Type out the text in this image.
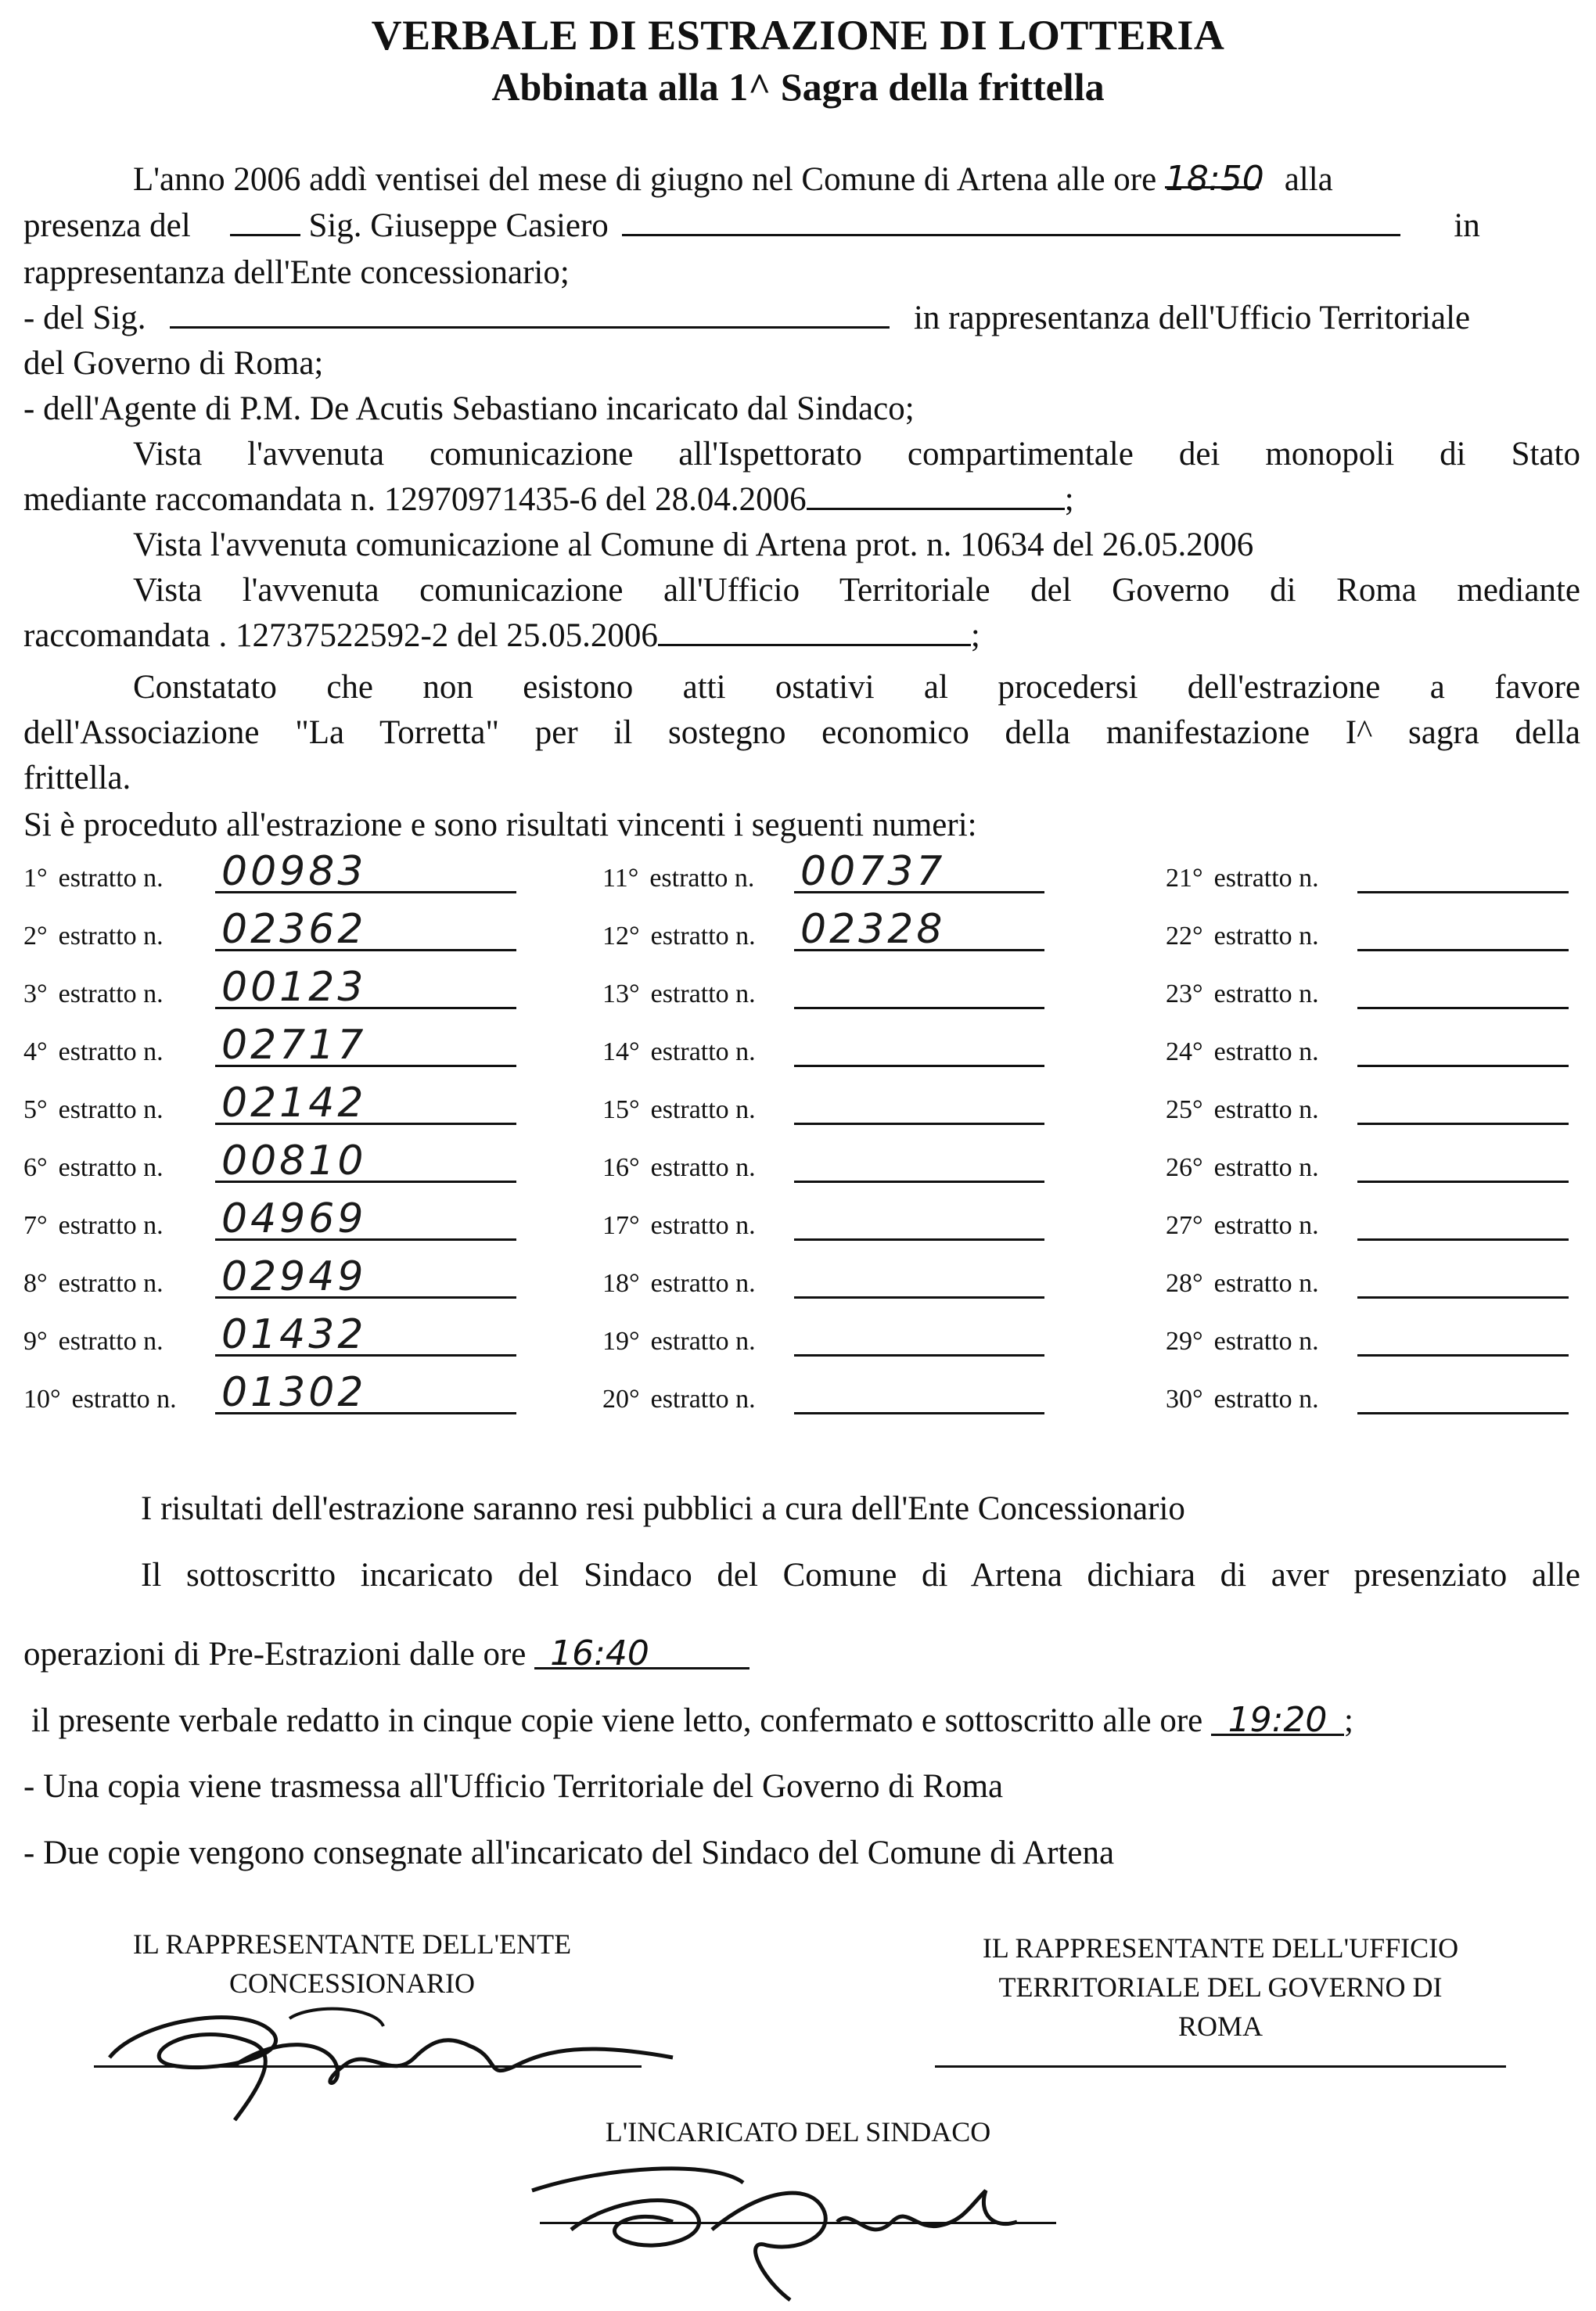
VERBALE DI ESTRAZIONE DI LOTTERIA
Abbinata alla 1^ Sagra della frittella
L'anno 2006 addì ventisei del mese di giugno nel Comune di Artena alle ore 18:50 alla
presenza del	Sig. Giuseppe Casiero	in
rappresentanza dell'Ente concessionario;
- del Sig.	in rappresentanza dell'Ufficio Territoriale
del Governo di Roma;
- dell'Agente di P.M. De Acutis Sebastiano incaricato dal Sindaco;
Vista l'avvenuta comunicazione all'Ispettorato compartimentale dei monopoli di Stato
mediante raccomandata n. 12970971435-6 del 28.04.2006	;
Vista l'avvenuta comunicazione al Comune di Artena prot. n. 10634 del 26.05.2006
Vista l'avvenuta comunicazione all'Ufficio Territoriale del Governo di Roma mediante
raccomandata . 12737522592-2 del 25.05.2006	;
Constatato che non esistono atti ostativi al procedersi dell'estrazione a favore
dell'Associazione "La Torretta" per il sostegno economico della manifestazione I^ sagra della
frittella.
Si è proceduto all'estrazione e sono risultati vincenti i seguenti numeri:
1° estratto n. 00983
2° estratto n. 02362
3° estratto n. 00123
4° estratto n. 02717
5° estratto n. 02142
6° estratto n. 00810
7° estratto n. 04969
8° estratto n. 02949
9° estratto n. 01432
10° estratto n. 01302
11° estratto n. 00737
12° estratto n. 02328
13° estratto n.
14° estratto n.
15° estratto n.
16° estratto n.
17° estratto n.
18° estratto n.
19° estratto n.
20° estratto n.
21° estratto n.
22° estratto n.
23° estratto n.
24° estratto n.
25° estratto n.
26° estratto n.
27° estratto n.
28° estratto n.
29° estratto n.
30° estratto n.
I risultati dell'estrazione saranno resi pubblici a cura dell'Ente Concessionario
Il sottoscritto incaricato del Sindaco del Comune di Artena dichiara di aver presenziato alle
operazioni di Pre-Estrazioni dalle ore 16:40
il presente verbale redatto in cinque copie viene letto, confermato e sottoscritto alle ore 19:20 ;
- Una copia viene trasmessa all'Ufficio Territoriale del Governo di Roma
- Due copie vengono consegnate all'incaricato del Sindaco del Comune di Artena
IL RAPPRESENTANTE DELL'ENTE
CONCESSIONARIO
IL RAPPRESENTANTE DELL'UFFICIO
TERRITORIALE DEL GOVERNO DI
ROMA
L'INCARICATO DEL SINDACO
